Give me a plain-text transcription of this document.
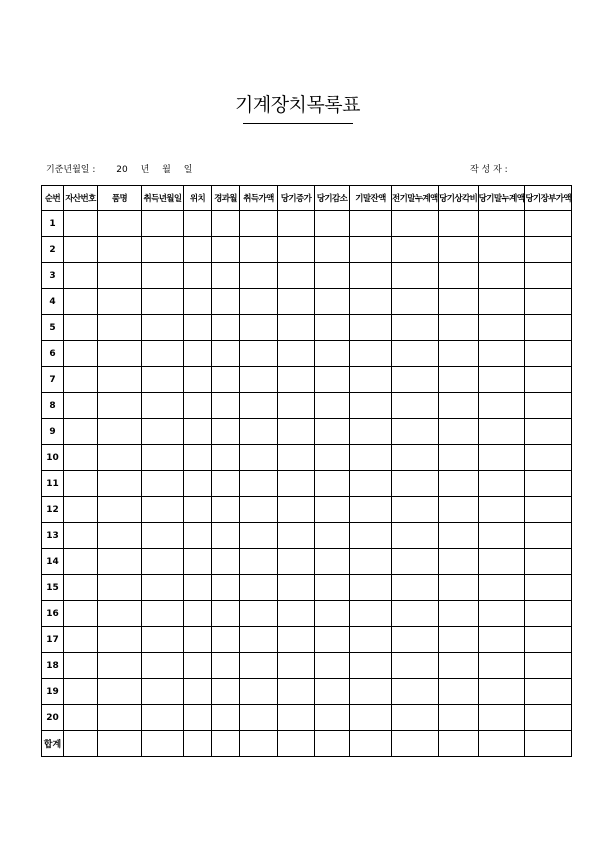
기계장치목록표
기준년월일 : 20 년 월 일	작 성 자 :
순번	자산번호	품명	취득년월일	위치	경과월	취득가액	당기증가	당기감소	기말잔액	전기말누계액	당기상각비	당기말누계액	당기장부가액
1													
2													
3													
4													
5													
6													
7													
8													
9													
10													
11													
12													
13													
14													
15													
16													
17													
18													
19													
20													
합계													
